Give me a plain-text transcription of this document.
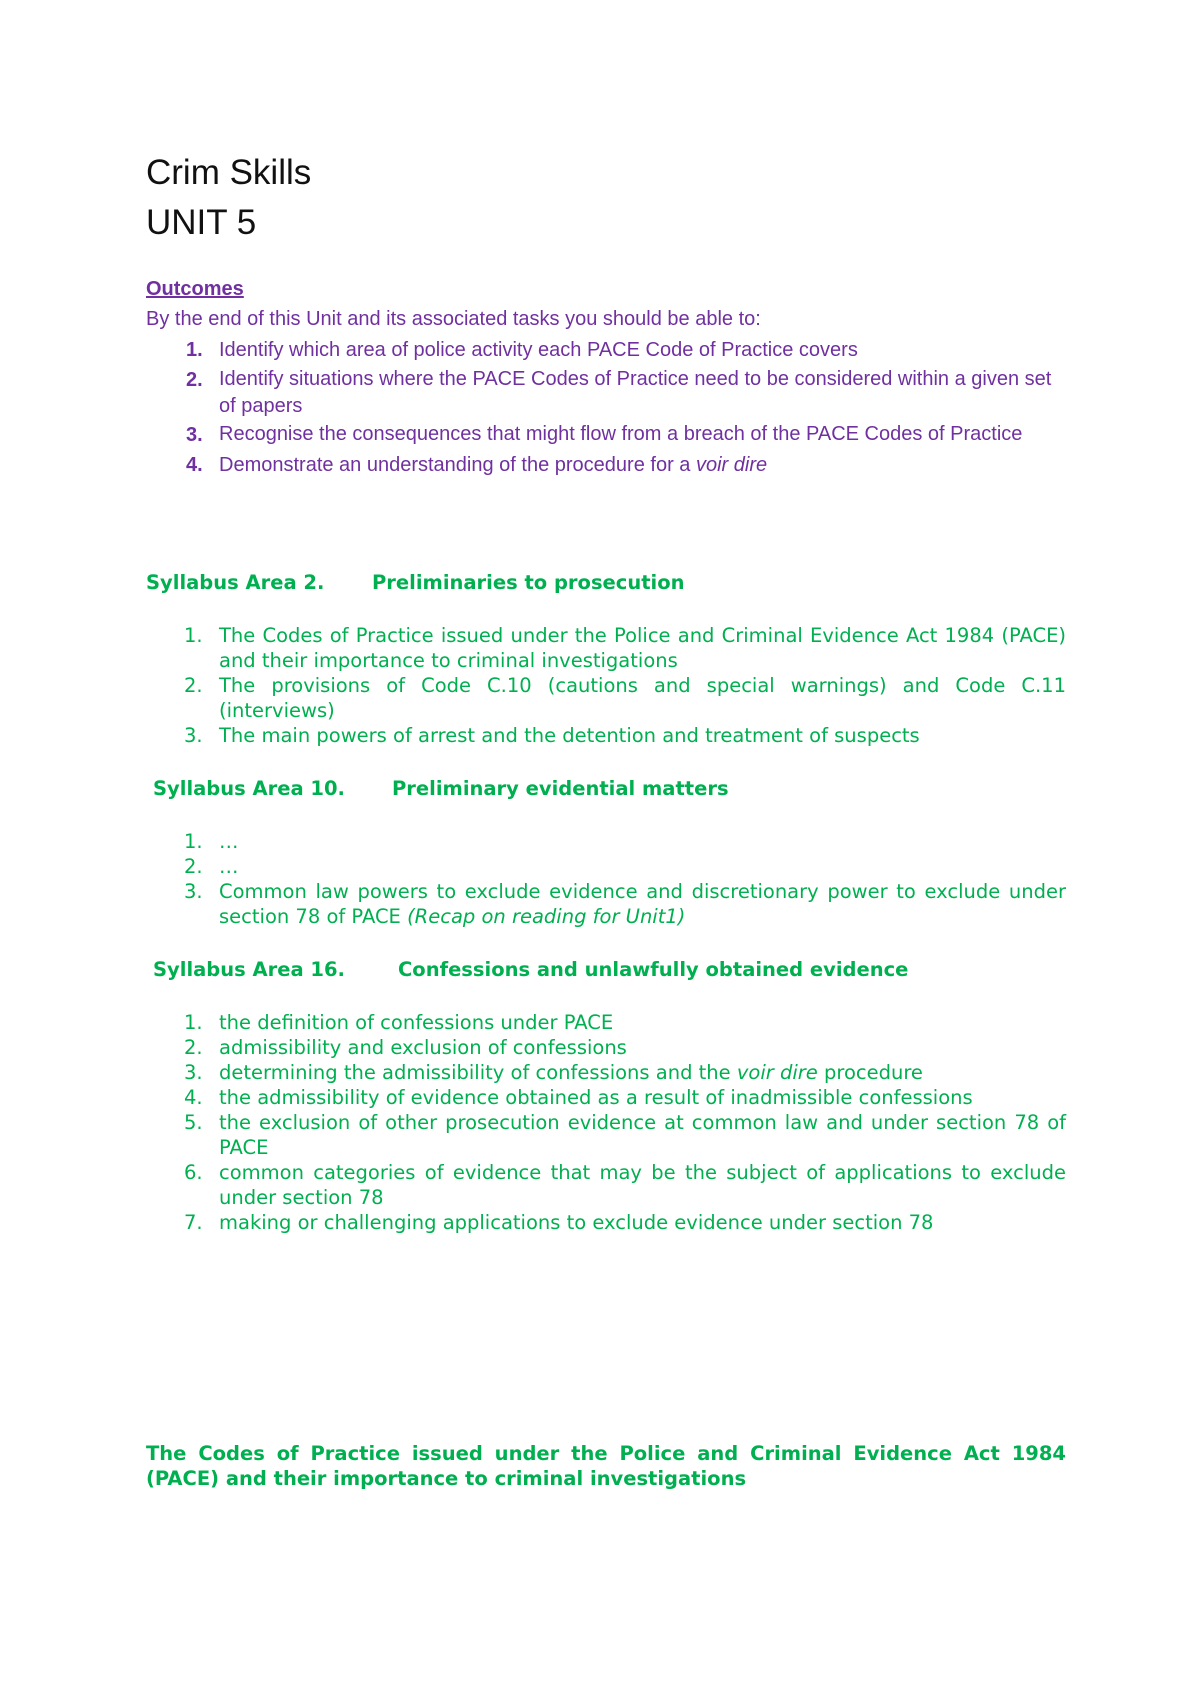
Crim Skills
UNIT 5

Outcomes

By the end of this Unit and its associated tasks you should be able to:

1. Identify which area of police activity each PACE Code of Practice covers
2. Identify situations where the PACE Codes of Practice need to be considered within a given set of papers
3. Recognise the consequences that might flow from a breach of the PACE Codes of Practice
4. Demonstrate an understanding of the procedure for a voir dire

Syllabus Area 2. Preliminaries to prosecution

1. The Codes of Practice issued under the Police and Criminal Evidence Act 1984 (PACE) and their importance to criminal investigations
2. The provisions of Code C.10 (cautions and special warnings) and Code C.11 (interviews)
3. The main powers of arrest and the detention and treatment of suspects

Syllabus Area 10. Preliminary evidential matters

1. …
2. …
3. Common law powers to exclude evidence and discretionary power to exclude under section 78 of PACE (Recap on reading for Unit1)

Syllabus Area 16.	Confessions and unlawfully obtained evidence

1. the definition of confessions under PACE
2. admissibility and exclusion of confessions
3. determining the admissibility of confessions and the voir dire procedure
4. the admissibility of evidence obtained as a result of inadmissible confessions
5. the exclusion of other prosecution evidence at common law and under section 78 of PACE
6. common categories of evidence that may be the subject of applications to exclude under section 78
7. making or challenging applications to exclude evidence under section 78

The Codes of Practice issued under the Police and Criminal Evidence Act 1984 (PACE) and their importance to criminal investigations
